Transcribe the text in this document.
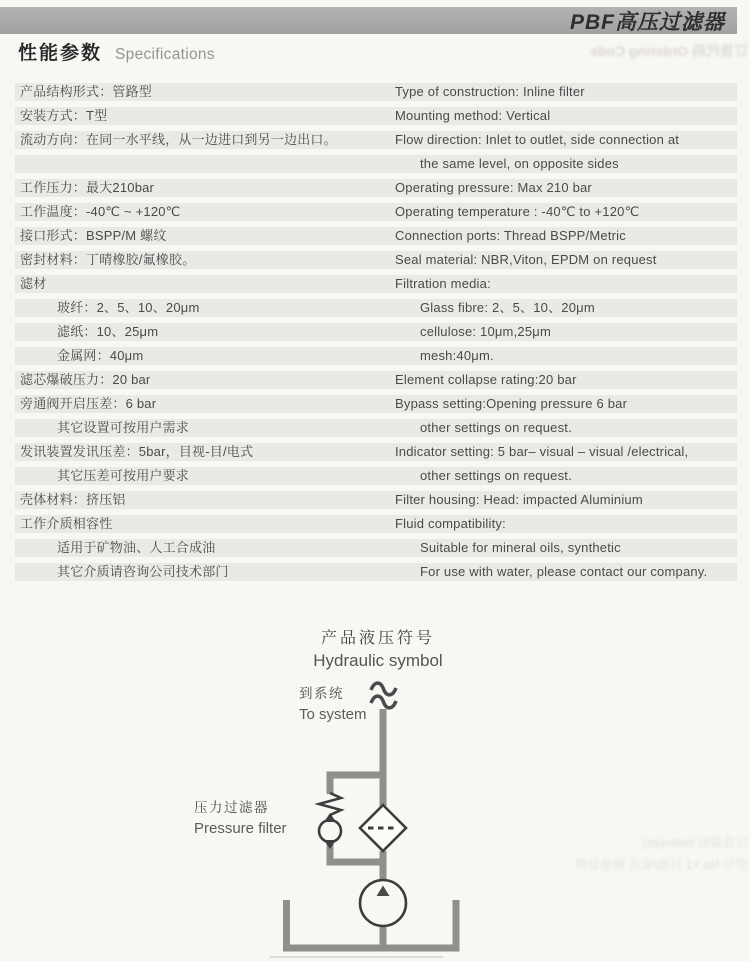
PBF高压过滤器
性能参数 Specifications	订货代码 Ordering Code
订货需知 Index(es)
型号 No.×1 目视/电式 规格说明
产品结构形式：管路型	Type of construction: Inline filter
安装方式：T型	Mounting method: Vertical
流动方向：在同一水平线，从一边进口到另一边出口。	Flow direction: Inlet to outlet, side connection at
the same level, on opposite sides
工作压力：最大210bar	Operating pressure: Max 210 bar
工作温度：-40℃ ~ +120℃	Operating temperature : -40℃ to +120℃
接口形式：BSPP/M 螺纹	Connection ports: Thread BSPP/Metric
密封材料：丁晴橡胶/氟橡胶。	Seal material: NBR,Viton, EPDM on request
滤材	Filtration media:
玻纤：2、5、10、20μm	Glass fibre: 2、5、10、20μm
滤纸：10、25μm	cellulose: 10μm,25μm
金属网：40μm	mesh:40μm.
滤芯爆破压力：20 bar	Element collapse rating:20 bar
旁通阀开启压差：6 bar	Bypass setting:Opening pressure 6 bar
其它设置可按用户需求	other settings on request.
发讯装置发讯压差：5bar，目视-目/电式	Indicator setting: 5 bar– visual – visual /electrical,
其它压差可按用户要求	other settings on request.
壳体材料：挤压铝	Filter housing: Head: impacted Aluminium
工作介质相容性	Fluid compatibility:
适用于矿物油、人工合成油	Suitable for mineral oils, synthetic
其它介质请咨询公司技术部门	For use with water, please contact our company.
产品液压符号
Hydraulic symbol
到系统
To system
压力过滤器
Pressure filter
